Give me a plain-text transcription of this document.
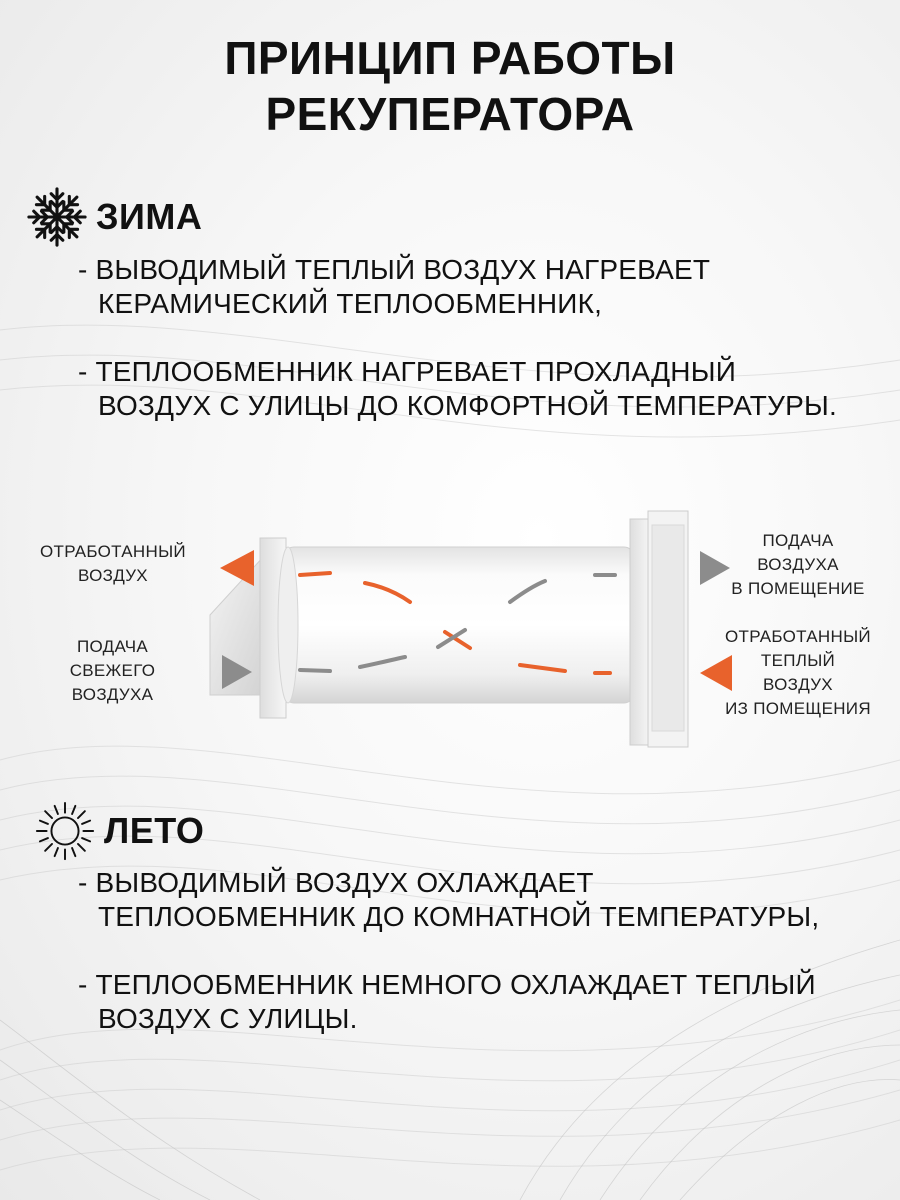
ПРИНЦИП РАБОТЫ
РЕКУПЕРАТОРА
ЗИМА
- ВЫВОДИМЫЙ ТЕПЛЫЙ ВОЗДУХ НАГРЕВАЕТ
КЕРАМИЧЕСКИЙ ТЕПЛООБМЕННИК,
- ТЕПЛООБМЕННИК НАГРЕВАЕТ ПРОХЛАДНЫЙ
ВОЗДУХ С УЛИЦЫ ДО КОМФОРТНОЙ ТЕМПЕРАТУРЫ.
ОТРАБОТАННЫЙ
ВОЗДУХ
ПОДАЧА
СВЕЖЕГО
ВОЗДУХА
ПОДАЧА
ВОЗДУХА
В ПОМЕЩЕНИЕ
ОТРАБОТАННЫЙ
ТЕПЛЫЙ
ВОЗДУХ
ИЗ ПОМЕЩЕНИЯ
ЛЕТО
- ВЫВОДИМЫЙ ВОЗДУХ ОХЛАЖДАЕТ
ТЕПЛООБМЕННИК ДО КОМНАТНОЙ ТЕМПЕРАТУРЫ,
- ТЕПЛООБМЕННИК НЕМНОГО ОХЛАЖДАЕТ ТЕПЛЫЙ
ВОЗДУХ С УЛИЦЫ.
